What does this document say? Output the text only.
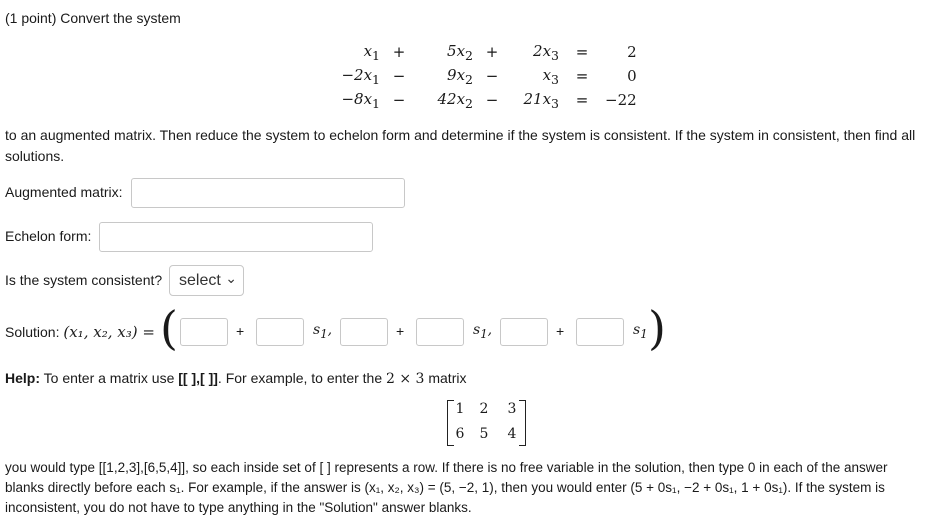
(1 point) Convert the system
$x_1$	+	$5x_2$	+	$2x_3$	=	2
$-2x_1$	−	$9x_2$	−	$x_3$	=	0
$-8x_1$	−	$42x_2$	−	$21x_3$	=	−22
to an augmented matrix. Then reduce the system to echelon form and determine if the system is consistent. If the system in consistent, then find all solutions.
Augmented matrix:
Echelon form:
Is the system consistent? select ⌄
Solution: (x₁, x₂, x₃) = (	+	$s_1$,	+	$s_1$,	+	$s_1$ )
Help: To enter a matrix use [[ ],[ ]]. For example, to enter the 2 × 3 matrix
1	2	3
6	5	4
you would type [[1,2,3],[6,5,4]], so each inside set of [ ] represents a row. If there is no free variable in the solution, then type 0 in each of the answer blanks directly before each s₁. For example, if the answer is (x₁, x₂, x₃) = (5, −2, 1), then you would enter (5 + 0s₁, −2 + 0s₁, 1 + 0s₁). If the system is inconsistent, you do not have to type anything in the "Solution" answer blanks.
